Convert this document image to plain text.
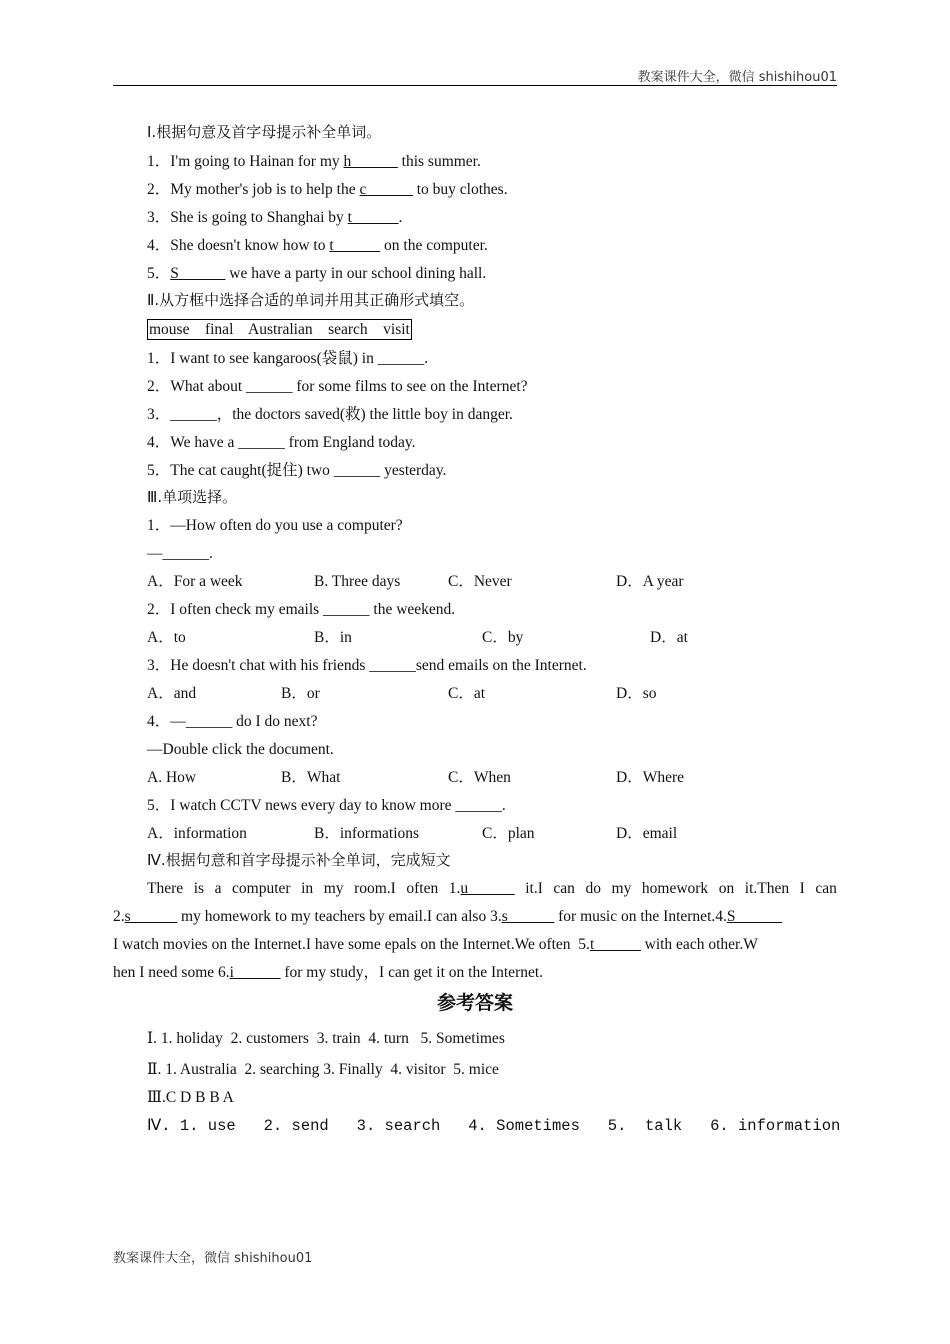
教案课件大全，微信 shishihou01
Ⅰ.根据句意及首字母提示补全单词。
1．I'm going to Hainan for my h______ this summer.
2．My mother's job is to help the c______ to buy clothes.
3．She is going to Shanghai by t______.
4．She doesn't know how to t______ on the computer.
5．S______ we have a party in our school dining hall.
Ⅱ.从方框中选择合适的单词并用其正确形式填空。
mouse    final    Australian    search    visit
1．I want to see kangaroos(袋鼠) in ______.
2．What about ______ for some films to see on the Internet?
3．______，the doctors saved(救) the little boy in danger.
4．We have a ______ from England today.
5．The cat caught(捉住) two ______ yesterday.
Ⅲ.单项选择。
1．—How often do you use a computer?
—______.
A．For a week	B. Three days	C．Never	D．A year
2．I often check my emails ______ the weekend.
A．to	B．in	C．by	D．at
3．He doesn't chat with his friends ______send emails on the Internet.
A．and	B．or	C．at	D．so
4．—______ do I do next?
—Double click the document.
A. How	B．What	C．When	D．Where
5．I watch CCTV news every day to know more ______.
A．information	B．informations	C．plan	D．email
Ⅳ.根据句意和首字母提示补全单词，完成短文
There is a computer in my room.I often 1.u______ it.I can do my homework on it.Then I can
2.s______ my homework to my teachers by email.I can also 3.s______ for music on the Internet.4.S______
I watch movies on the Internet.I have some epals on the Internet.We often  5.t______ with each other.W
hen I need some 6.i______ for my study，I can get it on the Internet.
参考答案
Ⅰ. 1. holiday  2. customers  3. train  4. turn   5. Sometimes
Ⅱ. 1. Australia  2. searching 3. Finally  4. visitor  5. mice
Ⅲ.C D B B A
Ⅳ. 1. use   2. send   3. search   4. Sometimes   5.  talk   6. information
教案课件大全，微信 shishihou01
